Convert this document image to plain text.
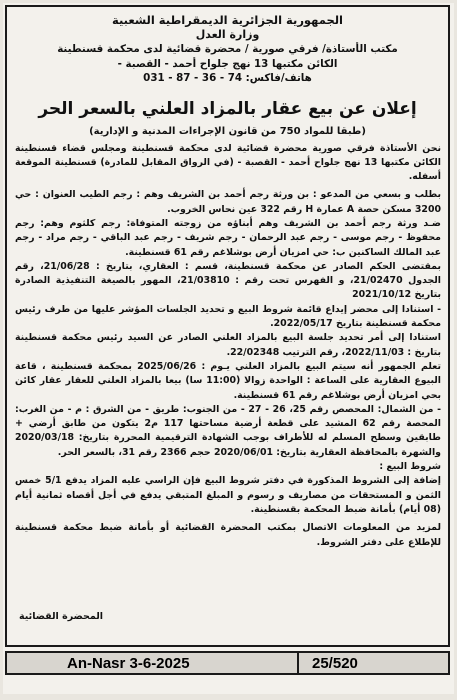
الجمهورية الجزائرية الديمقراطية الشعبية
وزارة العدل
مكتب الأستاذة/ فرقي صورية / محضرة قضائية لدى محكمة قسنطينة
الكائن مكتبها 13 نهج جلواح أحمد - القصبة -
هاتف/فاكس: 74 - 36 - 87 - 031
إعلان عن بيع عقار بالمزاد العلني بالسعر الحر
(طبقا للمواد 750 من قانون الإجراءات المدنية و الإدارية)

نحن الأستاذة فرقي صورية محضرة قضائية لدى محكمة قسنطينة ومجلس قضاء قسنطينة الكائن مكتبها 13 نهج جلواح أحمد - القصبة - (في الرواق المقابل للمادرة) قسنطينة الموقعة أسفله.

بطلب و بسعي من المدعو : بن ورثة رجم أحمد بن الشريف وهم : رجم الطيب العنوان : حي 3200 مسكن حصة A عمارة H رقم 322 عين نحاس الخروب.

ضـد ورثة رجم أحمد بن الشريف وهم أبناؤه من زوجته المتوفاة: رجم كلثوم وهم: رجم محفوظ - رجم موسى - رجم عبد الرحمان - رجم شريف - رجم عبد الباقي - رجم مراد - رجم عبد المالك الساكنين ب: حي امزيان أرض بوشلاغم رقم 61 قسنطينة.

بمقتضى الحكم الصادر عن محكمة قسنطينة، قسم : العقاري، بتاريخ : 21/06/28، رقم الجدول 21/02470، و الفهرس تحت رقم : 21/03810، المهور بالصيغة التنفيذية الصادرة بتاريخ 2021/10/12

- استنادا إلى محضر إيداع قائمة شروط البيع و تحديد الجلسات المؤشر عليها من طرف رئيس محكمة قسنطينة بتاريخ 2022/05/17.

استنادا إلى أمر تحديد جلسة البيع بالمزاد العلني الصادر عن السيد رئيس محكمة قسنطينة بتاريخ : 2022/11/03، رقم الترتيب 22/02348.

تعلم الجمهور أنه سيتم البيع بالمزاد العلني يـوم : 2025/06/26 بمحكمة قسنطينة ، قاعة البيوع العقارية على الساعة : الواحدة زوالا (11:00 سا) بيعا بالمزاد العلني للعقار عقار كائن بحي امزيان أرض بوشلاغم رقم 61 قسنطينة.

- من الشمال: المحصص رقم 25، 26 - 27 - من الجنوب: طريق - من الشرق : م - من الغرب: المحصة رقم 62 المشيد على قطعة أرضية مساحتها 117 م2 يتكون من طابق أرضي + طابقين وسطح المسلم له للأطراف بوجب الشهادة الترقيمية المحررة بتاريخ: 2020/03/18 والشهرة بالمحافظة العقارية بتاريخ: 2020/06/01 حجم 2366 رقم 31، بالسعر الحر.

شروط البيع :

إضافة إلى الشروط المذكورة في دفتر شروط البيع فإن الراسي عليه المزاد يدفع 5/1 خمس الثمن و المستحقات من مصاريف و رسوم و المبلغ المتبقي يدفع في أجل أقصاه ثمانية أيام (08 أيام) بأمانة ضبط المحكمة بقسنطينة.

لمزيد من المعلومات الاتصال بمكتب المحضرة القضائية أو بأمانة ضبط محكمة قسنطينة للإطلاع على دفتر الشروط.

المحضرة القضائية
An-Nasr 3-6-2025	25/520
